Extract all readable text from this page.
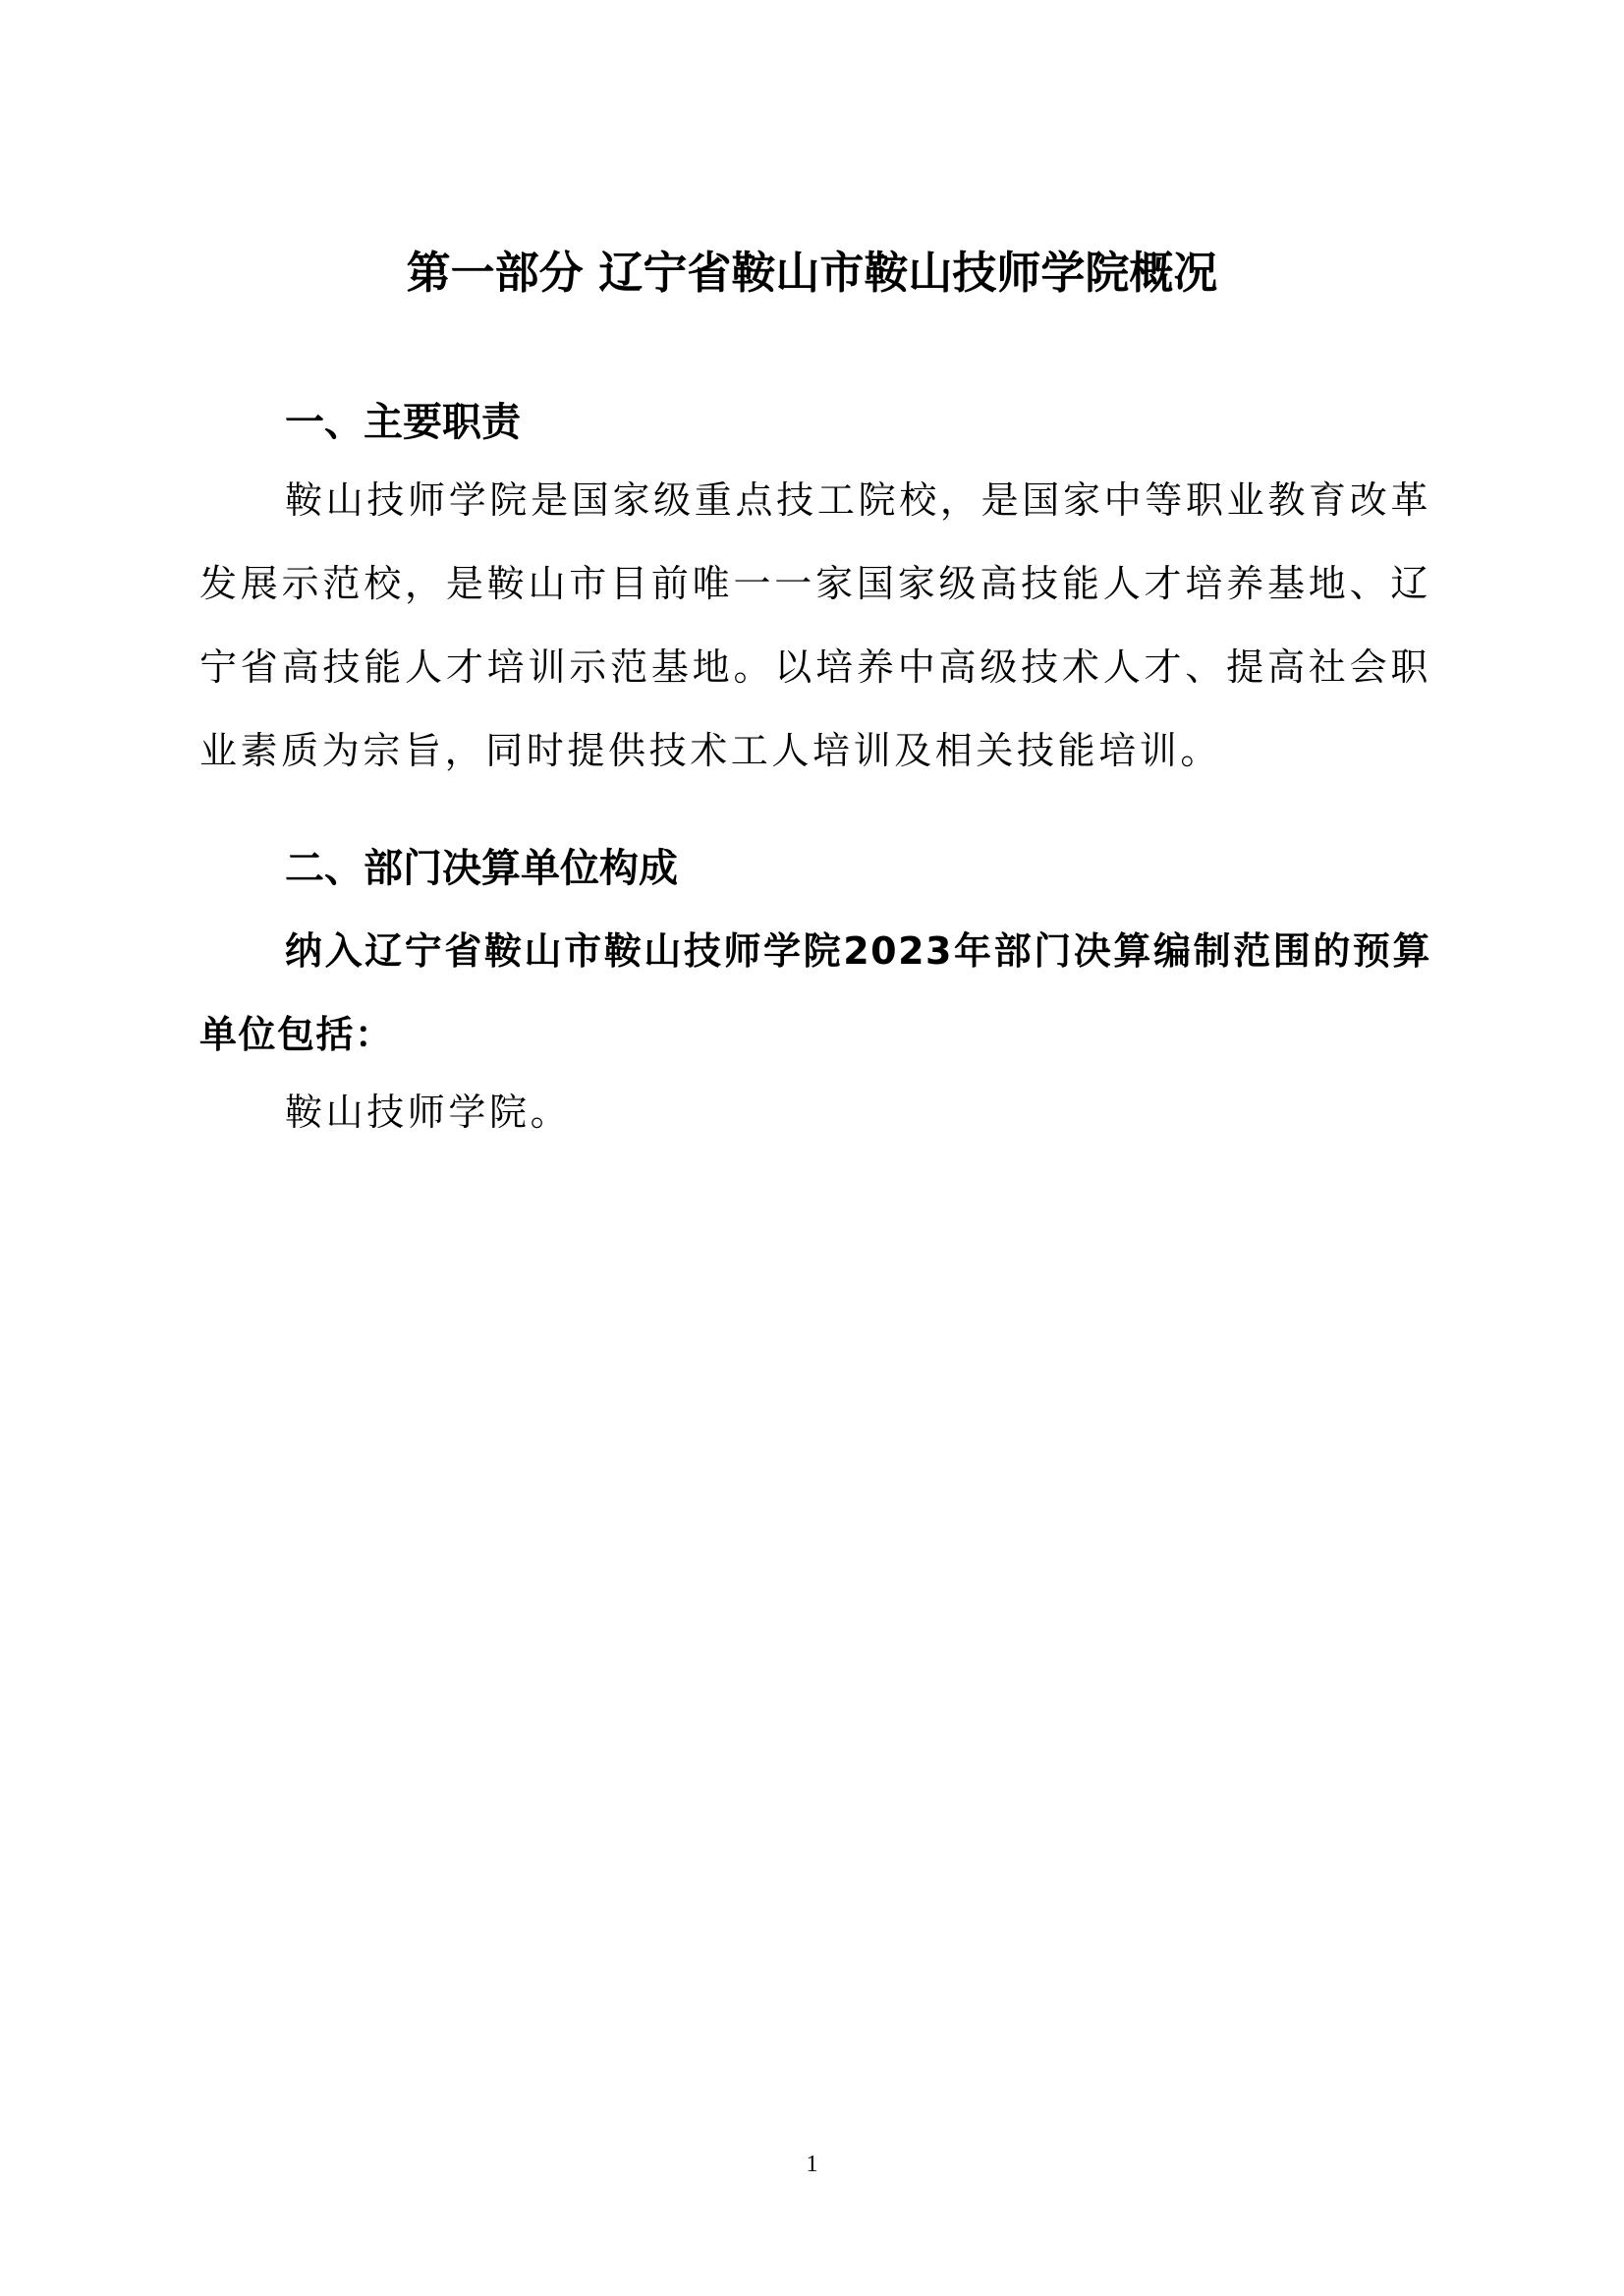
第一部分 辽宁省鞍山市鞍山技师学院概况
一、主要职责

鞍山技师学院是国家级重点技工院校，是国家中等职业教育改革发展示范校，是鞍山市目前唯一一家国家级高技能人才培养基地、辽宁省高技能人才培训示范基地。以培养中高级技术人才、提高社会职业素质为宗旨，同时提供技术工人培训及相关技能培训。

二、部门决算单位构成

纳入辽宁省鞍山市鞍山技师学院2023年部门决算编制范围的预算单位包括：

鞍山技师学院。

1
